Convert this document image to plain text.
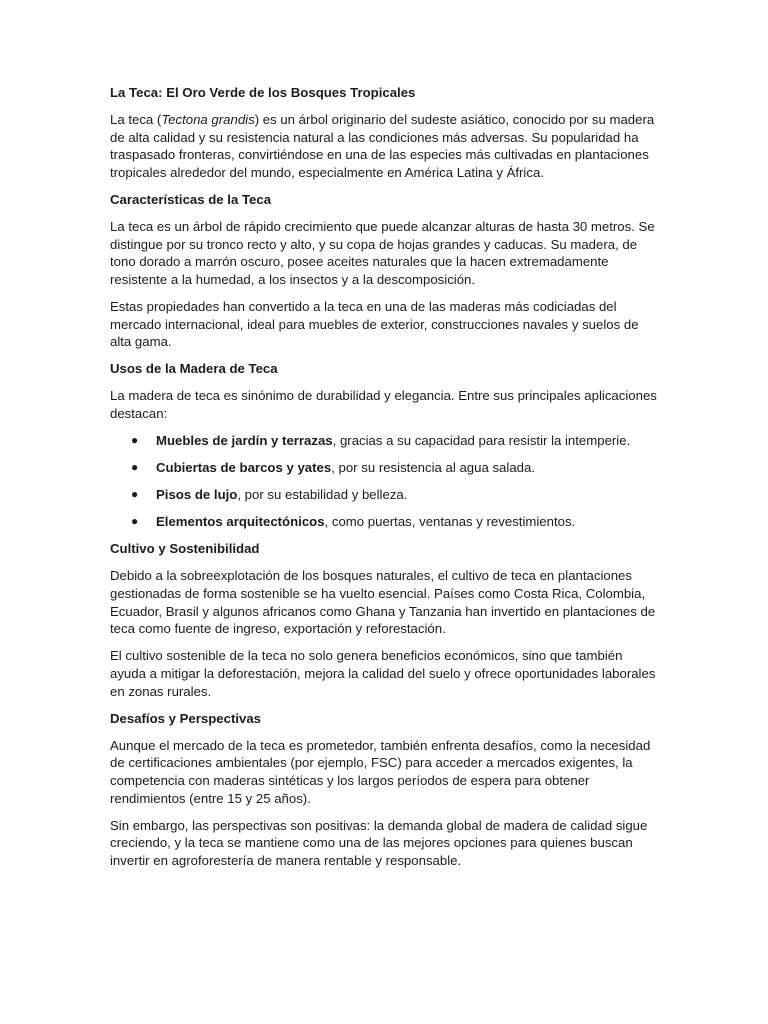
La Teca: El Oro Verde de los Bosques Tropicales

La teca (Tectona grandis) es un árbol originario del sudeste asiático, conocido por su madera de alta calidad y su resistencia natural a las condiciones más adversas. Su popularidad ha traspasado fronteras, convirtiéndose en una de las especies más cultivadas en plantaciones tropicales alrededor del mundo, especialmente en América Latina y África.

Características de la Teca

La teca es un árbol de rápido crecimiento que puede alcanzar alturas de hasta 30 metros. Se distingue por su tronco recto y alto, y su copa de hojas grandes y caducas. Su madera, de tono dorado a marrón oscuro, posee aceites naturales que la hacen extremadamente resistente a la humedad, a los insectos y a la descomposición.

Estas propiedades han convertido a la teca en una de las maderas más codiciadas del mercado internacional, ideal para muebles de exterior, construcciones navales y suelos de alta gama.

Usos de la Madera de Teca

La madera de teca es sinónimo de durabilidad y elegancia. Entre sus principales aplicaciones destacan:

● Muebles de jardín y terrazas, gracias a su capacidad para resistir la intemperie.
● Cubiertas de barcos y yates, por su resistencia al agua salada.
● Pisos de lujo, por su estabilidad y belleza.
● Elementos arquitectónicos, como puertas, ventanas y revestimientos.
Cultivo y Sostenibilidad

Debido a la sobreexplotación de los bosques naturales, el cultivo de teca en plantaciones gestionadas de forma sostenible se ha vuelto esencial. Países como Costa Rica, Colombia, Ecuador, Brasil y algunos africanos como Ghana y Tanzania han invertido en plantaciones de teca como fuente de ingreso, exportación y reforestación.

El cultivo sostenible de la teca no solo genera beneficios económicos, sino que también ayuda a mitigar la deforestación, mejora la calidad del suelo y ofrece oportunidades laborales en zonas rurales.

Desafíos y Perspectivas

Aunque el mercado de la teca es prometedor, también enfrenta desafíos, como la necesidad de certificaciones ambientales (por ejemplo, FSC) para acceder a mercados exigentes, la competencia con maderas sintéticas y los largos períodos de espera para obtener rendimientos (entre 15 y 25 años).

Sin embargo, las perspectivas son positivas: la demanda global de madera de calidad sigue creciendo, y la teca se mantiene como una de las mejores opciones para quienes buscan invertir en agroforestería de manera rentable y responsable.
